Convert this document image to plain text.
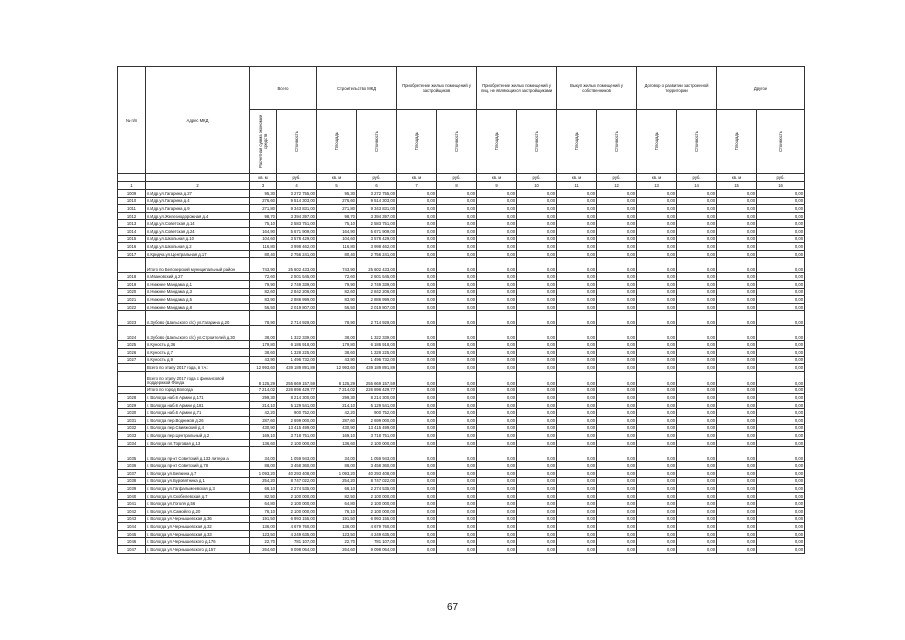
№ п/п	Адрес МКД	Всего		Строительство МКД		Приобретение жилых помещений у застройщиков		Приобретение жилых помещений у лиц, не являющихся застройщиками		Выкуп жилых помещений у собственников		Договор о развитии застроенной территории		Другое	
		Расчетная сумма экономии средств	Стоимость	Площадь	Стоимость	Площадь	Стоимость	Площадь	Стоимость	Площадь	Стоимость	Площадь	Стоимость	Площадь	Стоимость
		кв. м	руб.	кв. м	руб.	кв. м	руб.	кв. м	руб.	кв. м	руб.	кв. м	руб.	кв. м	руб.
1	2	3	4	5	6	7	8	9	10	11	12	13	14	15	16
1009	п.Идр.ул.Гагарина д.27	95,30	3 272 755,00	95,30	3 272 755,00	0,00	0,00	0,00	0,00	0,00	0,00	0,00	0,00	0,00	0,00
1010	п.Идр.ул.Гагарина д.4	276,60	9 514 303,00	276,60	9 514 303,00	0,00	0,00	0,00	0,00	0,00	0,00	0,00	0,00	0,00	0,00
1011	п.Идр.ул.Гагарина д.9	271,80	9 343 831,00	271,80	9 343 831,00	0,00	0,00	0,00	0,00	0,00	0,00	0,00	0,00	0,00	0,00
1012	п.Идр.ул.Железнодорожная д.4	98,70	3 394 397,00	98,70	3 394 397,00	0,00	0,00	0,00	0,00	0,00	0,00	0,00	0,00	0,00	0,00
1013	п.Идр.ул.Советская д.14	75,10	2 583 751,00	75,10	2 583 751,00	0,00	0,00	0,00	0,00	0,00	0,00	0,00	0,00	0,00	0,00
1014	п.Идр.ул.Советская д.24	164,90	5 671 909,00	164,90	5 671 909,00	0,00	0,00	0,00	0,00	0,00	0,00	0,00	0,00	0,00	0,00
1015	п.Идр.ул.Школьная д.10	104,60	3 578 429,00	104,60	3 578 429,00	0,00	0,00	0,00	0,00	0,00	0,00	0,00	0,00	0,00	0,00
1016	п.Идр.ул.Школьная д.2	116,80	3 998 462,00	116,80	3 998 462,00	0,00	0,00	0,00	0,00	0,00	0,00	0,00	0,00	0,00	0,00
1017	п.Кридча.ул.Центральная д.17	80,40	2 756 241,00	80,40	2 756 241,00	0,00	0,00	0,00	0,00	0,00	0,00	0,00	0,00	0,00	0,00
	Итого по Белозерский муниципальный район	743,90	25 602 433,00	743,90	25 602 433,00	0,00	0,00	0,00	0,00	0,00	0,00	0,00	0,00	0,00	0,00
1018	п.Ивановский д.27	72,60	2 501 545,00	72,60	2 501 545,00	0,00	0,00	0,00	0,00	0,00	0,00	0,00	0,00	0,00	0,00
1019	п.Нижнее Мандама д.1	79,90	2 749 339,00	79,90	2 749 339,00	0,00	0,00	0,00	0,00	0,00	0,00	0,00	0,00	0,00	0,00
1020	п.Нижнее Мандама д.3	82,60	2 842 206,00	82,60	2 842 206,00	0,00	0,00	0,00	0,00	0,00	0,00	0,00	0,00	0,00	0,00
1021	п.Нижнее Мандама д.5	83,90	2 886 999,00	83,90	2 886 999,00	0,00	0,00	0,00	0,00	0,00	0,00	0,00	0,00	0,00	0,00
1022	п.Нижнее Мандама д.8	56,50	2 019 807,00	56,50	2 019 807,00	0,00	0,00	0,00	0,00	0,00	0,00	0,00	0,00	0,00	0,00
1023	п.Зубово (Шальского с/с) ул.Гагарина д.20	78,90	2 714 929,00	78,90	2 714 929,00	0,00	0,00	0,00	0,00	0,00	0,00	0,00	0,00	0,00	0,00
1024	п.Зубово (Шальского с/с) ул.Строителей д.30	38,00	1 322 339,00	38,00	1 322 339,00	0,00	0,00	0,00	0,00	0,00	0,00	0,00	0,00	0,00	0,00
1025	п.Куность д.36	179,80	6 186 918,00	179,80	6 186 918,00	0,00	0,00	0,00	0,00	0,00	0,00	0,00	0,00	0,00	0,00
1026	п.Куность д.7	38,60	1 328 225,00	38,60	1 328 225,00	0,00	0,00	0,00	0,00	0,00	0,00	0,00	0,00	0,00	0,00
1027	п.Куность д.9	43,90	1 496 732,00	43,90	1 496 732,00	0,00	0,00	0,00	0,00	0,00	0,00	0,00	0,00	0,00	0,00
	Всего по этапу 2017 года, в т.ч.:	12 993,60	439 189 891,89	12 993,60	439 189 891,89	0,00	0,00	0,00	0,00	0,00	0,00	0,00	0,00	0,00	0,00
	Всего по этапу 2017 года с финансовой поддержкой Фонда	8 125,29	255 669 157,59	8 125,29	255 669 157,59	0,00	0,00	0,00	0,00	0,00	0,00	0,00	0,00	0,00	0,00
	Итого по город Вологда	7 214,02	226 896 429,77	7 214,02	226 896 429,77	0,00	0,00	0,00	0,00	0,00	0,00	0,00	0,00	0,00	0,00
1028	г. Вологда наб.6 Армии д.171	299,30	8 214 300,00	299,30	8 214 300,00	0,00	0,00	0,00	0,00	0,00	0,00	0,00	0,00	0,00	0,00
1029	г. Вологда наб.6 Армии д.181	214,10	5 129 541,00	214,10	5 129 541,00	0,00	0,00	0,00	0,00	0,00	0,00	0,00	0,00	0,00	0,00
1030	г. Вологда наб.6 Армии д.71	42,20	900 752,00	42,20	900 752,00	0,00	0,00	0,00	0,00	0,00	0,00	0,00	0,00	0,00	0,00
1031	г. Вологда пер.Водников д.26	287,60	2 699 000,00	287,60	2 699 000,00	0,00	0,00	0,00	0,00	0,00	0,00	0,00	0,00	0,00	0,00
1032	г. Вологда пер.Свияжский д.4	430,90	13 415 499,00	430,90	13 415 499,00	0,00	0,00	0,00	0,00	0,00	0,00	0,00	0,00	0,00	0,00
1033	г. Вологда пер.Центральный д.2	169,10	3 718 751,00	169,10	3 718 751,00	0,00	0,00	0,00	0,00	0,00	0,00	0,00	0,00	0,00	0,00
1034	г. Вологда пл.Торговая д.13	136,60	2 100 000,00	136,60	2 100 000,00	0,00	0,00	0,00	0,00	0,00	0,00	0,00	0,00	0,00	0,00
1035	г. Вологда пр-кт Советский д.133 литера а	34,00	1 059 943,00	34,00	1 059 943,00	0,00	0,00	0,00	0,00	0,00	0,00	0,00	0,00	0,00	0,00
1036	г. Вологда пр-кт Советский д.78	88,00	3 458 360,00	88,00	3 458 360,00	0,00	0,00	0,00	0,00	0,00	0,00	0,00	0,00	0,00	0,00
1037	г. Вологда ул.Белкина д.7	1 093,20	40 293 408,00	1 093,20	40 293 408,00	0,00	0,00	0,00	0,00	0,00	0,00	0,00	0,00	0,00	0,00
1038	г. Вологда ул.Буровятника д.1	254,20	8 747 022,00	254,20	8 747 022,00	0,00	0,00	0,00	0,00	0,00	0,00	0,00	0,00	0,00	0,00
1039	г. Вологда ул.Гагфальмеевская д.3	66,10	2 274 535,00	66,10	2 274 535,00	0,00	0,00	0,00	0,00	0,00	0,00	0,00	0,00	0,00	0,00
1040	г. Вологда ул.Скобелевская д.7	82,50	2 100 000,00	82,50	2 100 000,00	0,00	0,00	0,00	0,00	0,00	0,00	0,00	0,00	0,00	0,00
1041	г. Вологда ул.Гоголя д.56	64,80	2 100 000,00	64,80	2 100 000,00	0,00	0,00	0,00	0,00	0,00	0,00	0,00	0,00	0,00	0,00
1042	г. Вологда ул.Самойло д.20	76,10	2 100 000,00	76,10	2 100 000,00	0,00	0,00	0,00	0,00	0,00	0,00	0,00	0,00	0,00	0,00
1043	г. Вологда ул.Чернышевская д.36	191,50	6 993 155,00	191,50	6 993 155,00	0,00	0,00	0,00	0,00	0,00	0,00	0,00	0,00	0,00	0,00
1044	г. Вологда ул.Чернышевская д.32	136,00	4 679 760,00	136,00	4 679 760,00	0,00	0,00	0,00	0,00	0,00	0,00	0,00	0,00	0,00	0,00
1045	г. Вологда ул.Чернышевская д.33	123,50	4 249 635,00	123,50	4 249 635,00	0,00	0,00	0,00	0,00	0,00	0,00	0,00	0,00	0,00	0,00
1046	г. Вологда ул.Чернышевского д.176	22,70	781 107,00	22,70	781 107,00	0,00	0,00	0,00	0,00	0,00	0,00	0,00	0,00	0,00	0,00
1047	г. Вологда ул.Чернышевского д.157	264,60	9 098 064,00	264,60	9 098 064,00	0,00	0,00	0,00	0,00	0,00	0,00	0,00	0,00	0,00	0,00
67
